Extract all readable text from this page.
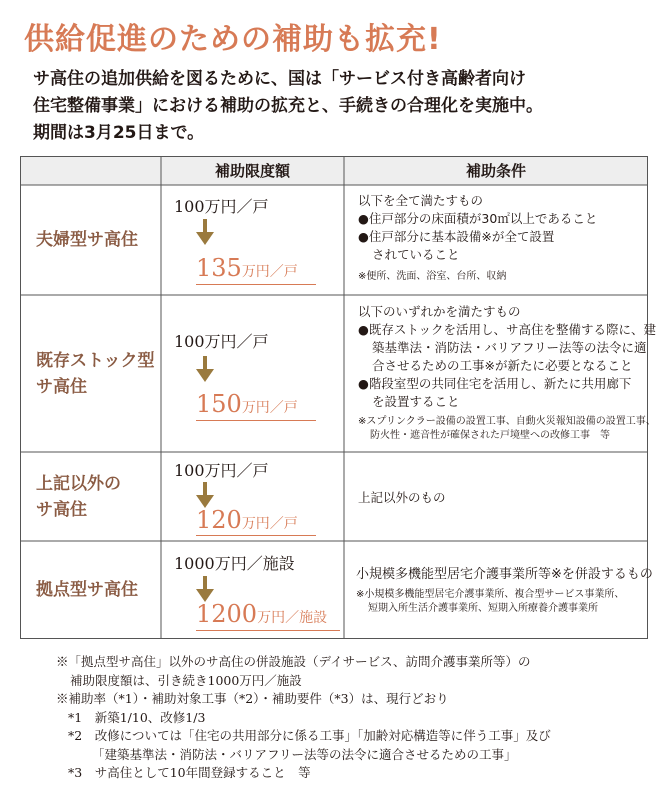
供給促進のための補助も拡充!
サ高住の追加供給を図るために、国は「サービス付き高齢者向け
住宅整備事業」における補助の拡充と、手続きの合理化を実施中。
期間は3月25日まで。
補助限度額	補助条件
夫婦型サ高住
100万円／戸
135万円／戸
以下を全て満たすもの
●住戸部分の床面積が30㎡以上であること
●住戸部分に基本設備※が全て設置
されていること
※便所、洗面、浴室、台所、収納
既存ストック型
サ高住
100万円／戸
150万円／戸
以下のいずれかを満たすもの
●既存ストックを活用し、サ高住を整備する際に、建
築基準法・消防法・バリアフリー法等の法令に適
合させるための工事※が新たに必要となること
●階段室型の共同住宅を活用し、新たに共用廊下
を設置すること
※スプリンクラー設備の設置工事、自動火災報知設備の設置工事、
防火性・遮音性が確保された戸境壁への改修工事　等
上記以外の
サ高住
100万円／戸
120万円／戸
上記以外のもの
拠点型サ高住
1000万円／施設
1200万円／施設
小規模多機能型居宅介護事業所等※を併設するもの
※小規模多機能型居宅介護事業所、複合型サービス事業所、
短期入所生活介護事業所、短期入所療養介護事業所
※「拠点型サ高住」以外のサ高住の併設施設（デイサービス、訪問介護事業所等）の
補助限度額は、引き続き1000万円／施設
※補助率（*1）・補助対象工事（*2）・補助要件（*3）は、現行どおり
*1　新築1/10、改修1/3
*2　改修については「住宅の共用部分に係る工事」「加齢対応構造等に伴う工事」及び
「建築基準法・消防法・バリアフリー法等の法令に適合させるための工事」
*3　サ高住として10年間登録すること　等
